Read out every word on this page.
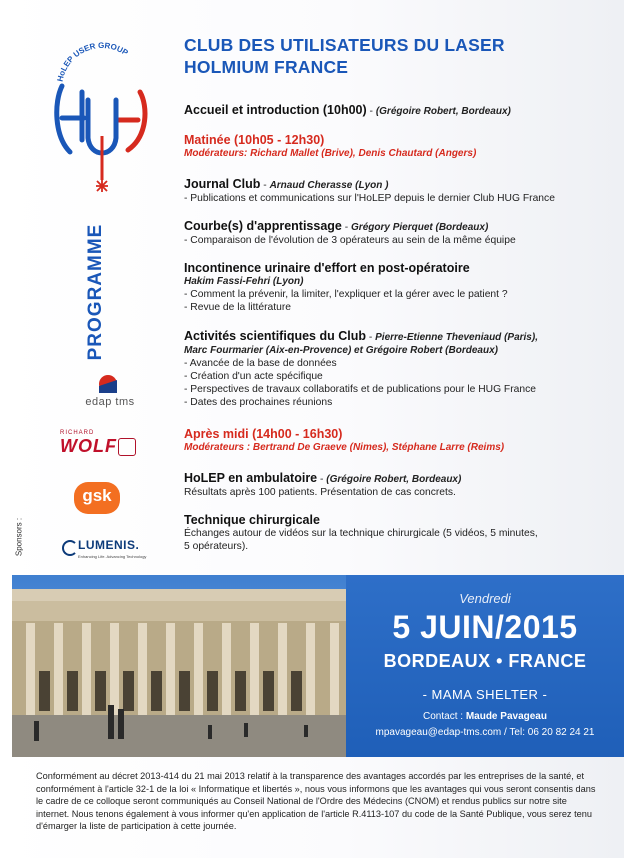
HoLEP USER GROUP
PROGRAMME
Sponsors :
edap tms
RICHARD
WOLF
gsk
LUMENIS.
Enhancing Life. Advancing Technology
CLUB DES UTILISATEURS DU LASER
HOLMIUM FRANCE
Accueil et introduction (10h00) - (Grégoire Robert, Bordeaux)
Matinée (10h05 - 12h30)
Modérateurs: Richard Mallet (Brive), Denis Chautard (Angers)
Journal Club - Arnaud Cherasse (Lyon )
- Publications et communications sur l'HoLEP depuis le dernier Club HUG France
Courbe(s) d'apprentissage - Grégory Pierquet (Bordeaux)
- Comparaison de l'évolution de 3 opérateurs au sein de la même équipe
Incontinence urinaire d'effort en post-opératoire
Hakim Fassi-Fehri (Lyon)
- Comment la prévenir, la limiter, l'expliquer et la gérer avec le patient ?
- Revue de la littérature
Activités scientifiques du Club - Pierre-Etienne Theveniaud (Paris),
Marc Fourmarier (Aix-en-Provence) et Grégoire Robert (Bordeaux)
- Avancée de la base de données
- Création d'un acte spécifique
- Perspectives de travaux collaboratifs et de publications pour le HUG France
- Dates des prochaines réunions
Après midi (14h00 - 16h30)
Modérateurs : Bertrand De Graeve (Nimes), Stéphane Larre (Reims)
HoLEP en ambulatoire - (Grégoire Robert, Bordeaux)
Résultats après 100 patients. Présentation de cas concrets.
Technique chirurgicale
Échanges autour de vidéos sur la technique chirurgicale (5 vidéos, 5 minutes,
5 opérateurs).
Vendredi
5 JUIN/2015
BORDEAUX • FRANCE
- MAMA SHELTER -
Contact : Maude Pavageau
mpavageau@edap-tms.com / Tel: 06 20 82 24 21
Conformément au décret 2013-414 du 21 mai 2013 relatif à la transparence des avantages accordés par les entreprises de la santé, et conformément à l'article 32-1 de la loi « Informatique et libertés », nous vous informons que les avantages qui vous seront consentis dans le cadre de ce colloque seront communiqués au Conseil National de l'Ordre des Médecins (CNOM) et rendus publics sur notre site internet. Nous tenons également à vous informer qu'en application de l'article R.4113-107 du code de la Santé Publique, vous serez tenu d'émarger la liste de participation à cette journée.
